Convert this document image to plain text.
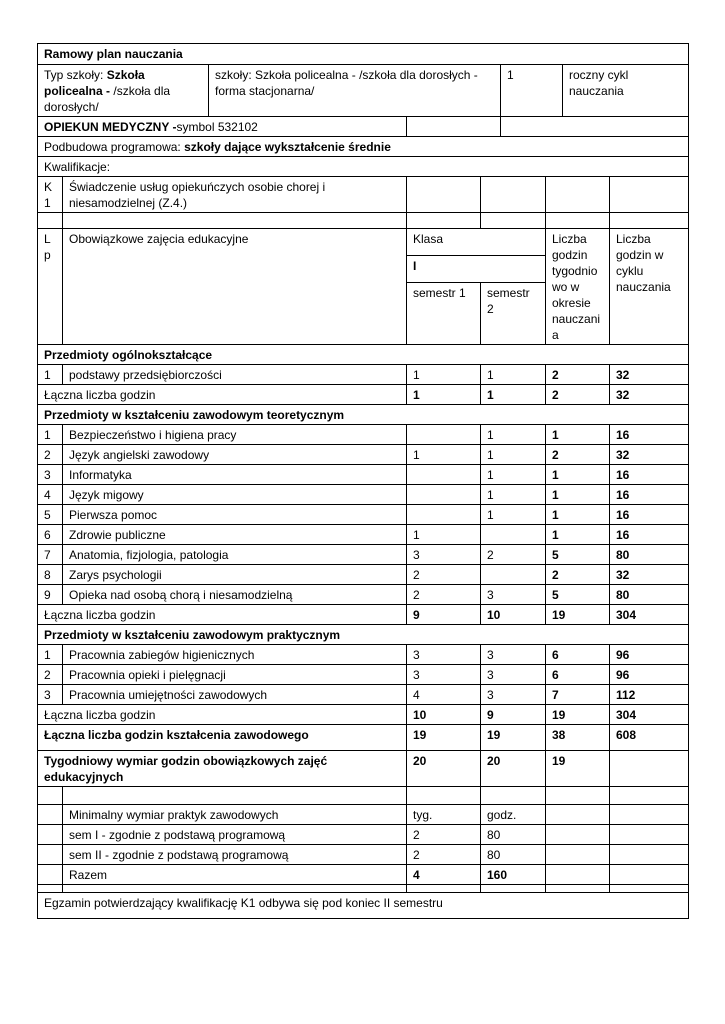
Ramowy plan nauczania								
Typ szkoły: Szkoła policealna - /szkoła dla dorosłych/		szkoły: Szkoła policealna - /szkoła dla dorosłych - forma stacjonarna/			1		roczny cykl nauczania	
OPIEKUN MEDYCZNY -symbol 532102								
Podbudowa programowa: szkoły dające wykształcenie średnie								
Kwalifikacje:								
K1	Świadczenie usług opiekuńczych osobie chorej i niesamodzielnej (Z.4.)							

Lp	Obowiązkowe zajęcia edukacyjne		Klasa			Liczba godzin tygodniowo w okresie nauczania		Liczba godzin w cyklu nauczania
			I					
			semestr 1	semestr 2				
Przedmioty ogólnokształcące								
1	podstawy przedsiębiorczości		1	1		2		32
Łączna liczba godzin			1	1		2		32
Przedmioty w kształceniu zawodowym teoretycznym								
1	Bezpieczeństwo i higiena pracy			1		1		16
2	Język angielski zawodowy		1	1		2		32
3	Informatyka			1		1		16
4	Język migowy			1		1		16
5	Pierwsza pomoc			1		1		16
6	Zdrowie publiczne		1			1		16
7	Anatomia, fizjologia, patologia		3	2		5		80
8	Zarys psychologii		2			2		32
9	Opieka nad osobą chorą i niesamodzielną		2	3		5		80
Łączna liczba godzin			9	10		19		304
Przedmioty w kształceniu zawodowym praktycznym								
1	Pracownia zabiegów higienicznych		3	3		6		96
2	Pracownia opieki i pielęgnacji		3	3		6		96
3	Pracownia umiejętności zawodowych		4	3		7		112
Łączna liczba godzin			10	9		19		304
Łączna liczba godzin kształcenia zawodowego			19	19		38		608
Tygodniowy wymiar godzin obowiązkowych zajęć edukacyjnych			20	20		19		

	Minimalny wymiar praktyk zawodowych		tyg.	godz.				
	sem I - zgodnie z podstawą programową		2	80				
	sem II - zgodnie z podstawą programową		2	80				
	Razem		4	160				

Egzamin potwierdzający kwalifikację K1 odbywa się pod koniec II semestru								
